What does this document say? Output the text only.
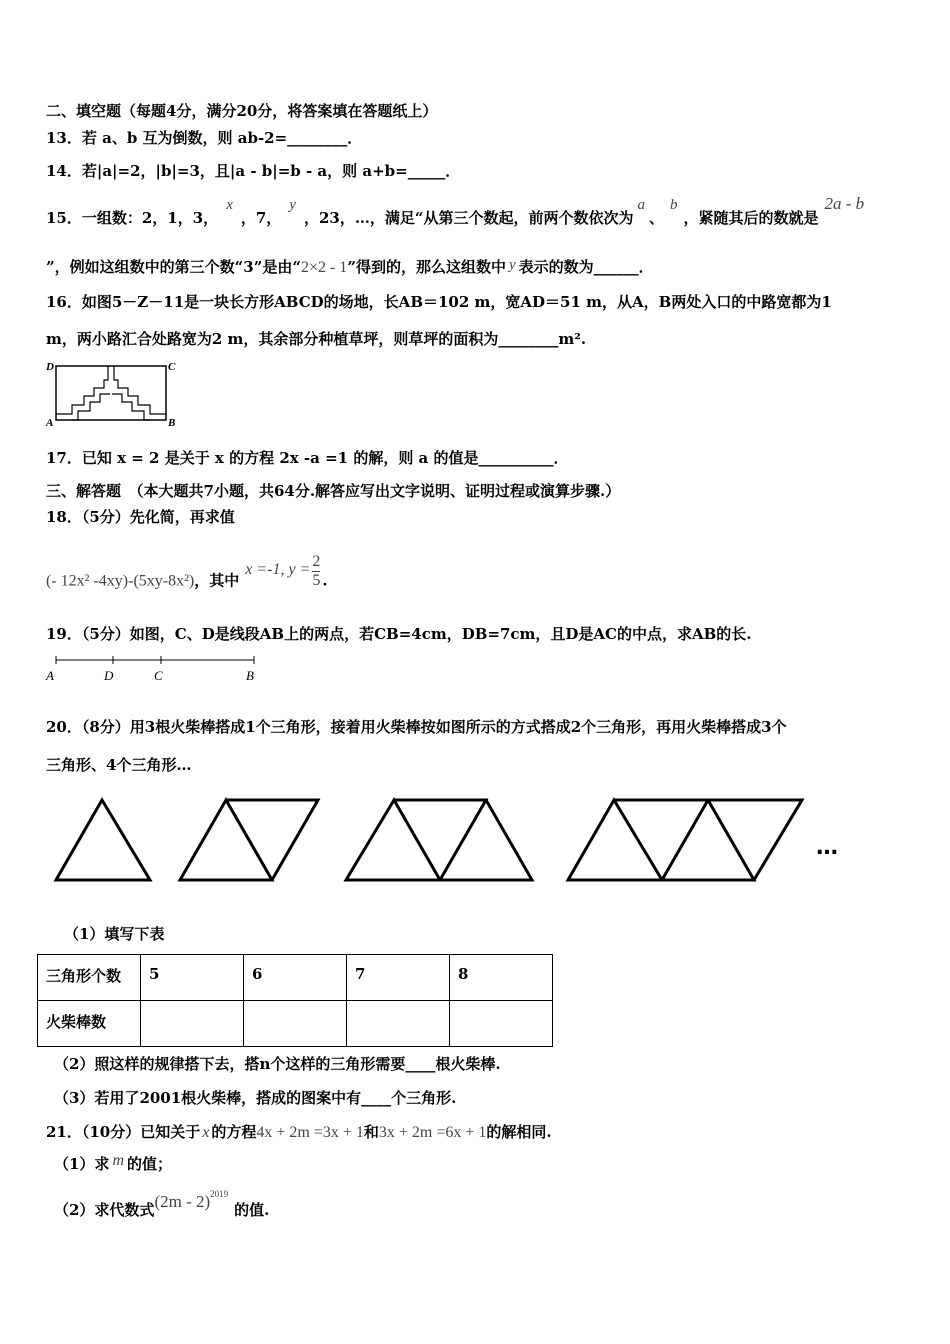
二、填空题（每题4分，满分20分，将答案填在答题纸上）
13．若 a、b 互为倒数，则 ab-2=________．
14．若|a|=2，|b|=3，且|a - b|=b - a，则 a+b=_____．
15．一组数：2，1，3，x，7，y，23，…，满足“从第三个数起，前两个数依次为a、b，紧随其后的数就是2a - b
”，例如这组数中的第三个数“3”是由“2×2 - 1”得到的，那么这组数中 y 表示的数为______．
16．如图5－Z－11是一块长方形ABCD的场地，长AB＝102 m，宽AD＝51 m，从A，B两处入口的中路宽都为1
m，两小路汇合处路宽为2 m，其余部分种植草坪，则草坪的面积为________m².
D	C
A	B
17．已知 x = 2 是关于 x 的方程 2x -a =1 的解，则 a 的值是__________．
三、解答题　（本大题共7小题，共64分.解答应写出文字说明、证明过程或演算步骤.）
18．（5分）先化简，再求值
(- 12x² -4xy)-(5xy-8x²)，其中x =-1, $y = \frac{2}{5}$ .
19．（5分）如图，C、D是线段AB上的两点，若CB=4cm，DB=7cm，且D是AC的中点，求AB的长.
A	D	C	B
20．（8分）用3根火柴棒搭成1个三角形，接着用火柴棒按如图所示的方式搭成2个三角形，再用火柴棒搭成3个
三角形、4个三角形…
…
（1）填写下表
三角形个数	5	6	7	8
火柴棒数				
（2）照这样的规律搭下去，搭n个这样的三角形需要____根火柴棒.
（3）若用了2001根火柴棒，搭成的图案中有____个三角形.
21．（10分）已知关于 x 的方程4x + 2m =3x + 1和3x + 2m =6x + 1的解相同.
（1）求 m 的值；
（2）求代数式(2m - 2)$^{2019}$的值.
